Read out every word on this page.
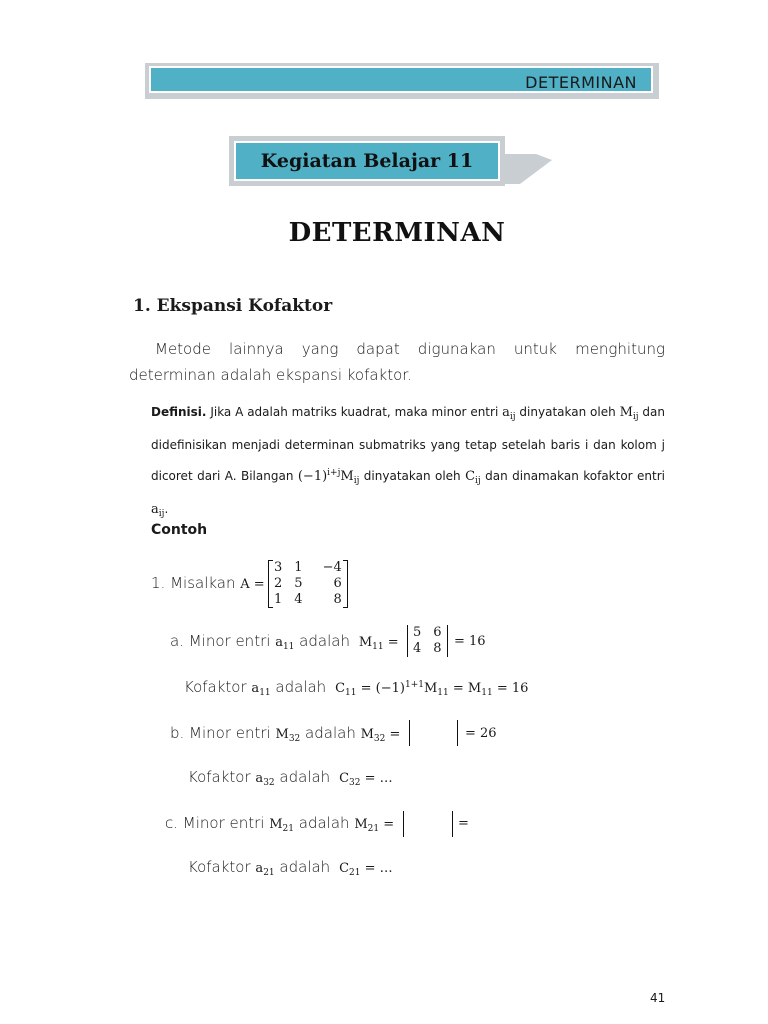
DETERMINAN
Kegiatan Belajar 11
DETERMINAN
1. Ekspansi Kofaktor
Metode lainnya yang dapat digunakan untuk menghitung determinan adalah ekspansi kofaktor.
Definisi. Jika A adalah matriks kuadrat, maka minor entri $a_{ij}$ dinyatakan oleh $M_{ij}$ dan didefinisikan menjadi determinan submatriks yang tetap setelah baris i dan kolom j dicoret dari A. Bilangan $(-1)^{i+j}M_{ij}$ dinyatakan oleh $C_{ij}$ dan dinamakan kofaktor entri $a_{ij}$.
Contoh
1. Misalkan A =
3	1	−4
2	5	6
1	4	8
a. Minor entri $a_{11}$ adalah  $M_{11}$ =
5	6
4	8 = 16
Kofaktor $a_{11}$ adalah  $C_{11} = (-1)^{1+1}M_{11} = M_{11} = 16$
b. Minor entri $M_{32}$ adalah $M_{32}$ =	= 26
Kofaktor $a_{32}$ adalah  $C_{32}$ = …
c. Minor entri $M_{21}$ adalah $M_{21}$ =	=
Kofaktor $a_{21}$ adalah  $C_{21}$ = …
41
